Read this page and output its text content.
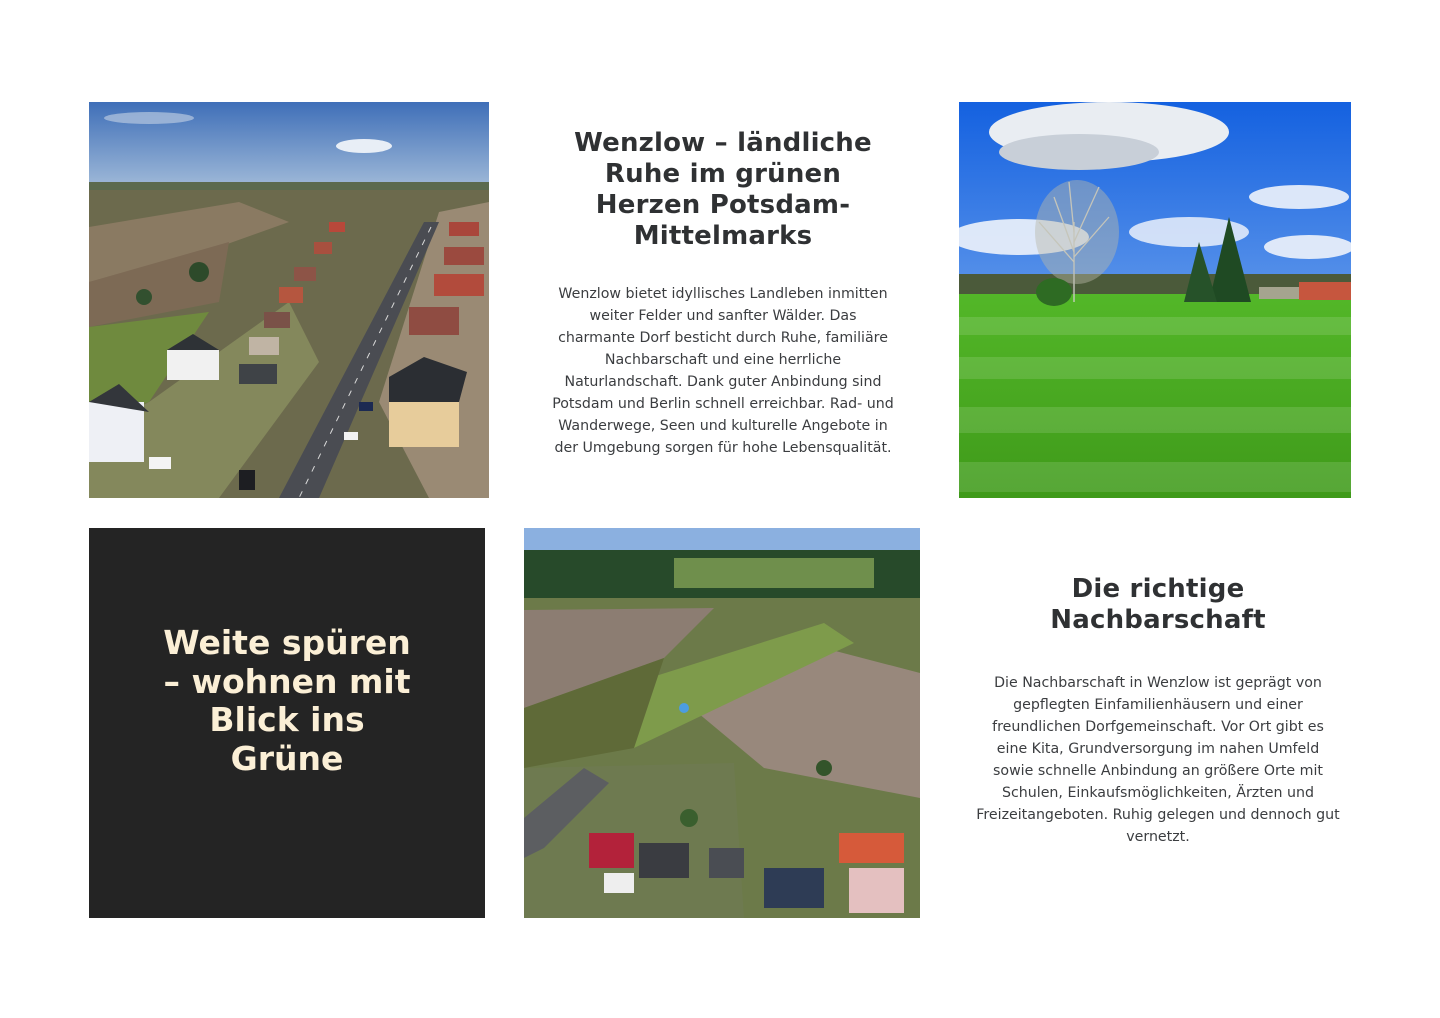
Wenzlow – ländliche Ruhe im grünen Herzen Potsdam-Mittelmarks

Wenzlow bietet idyllisches Landleben inmitten weiter Felder und sanfter Wälder. Das charmante Dorf besticht durch Ruhe, familiäre Nachbarschaft und eine herrliche Naturlandschaft. Dank guter Anbindung sind Potsdam und Berlin schnell erreichbar. Rad- und Wanderwege, Seen und kulturelle Angebote in der Umgebung sorgen für hohe Lebensqualität.

Weite spüren – wohnen mit Blick ins Grüne
Die richtige Nachbarschaft

Die Nachbarschaft in Wenzlow ist geprägt von gepflegten Einfamilienhäusern und einer freundlichen Dorfgemeinschaft. Vor Ort gibt es eine Kita, Grundversorgung im nahen Umfeld sowie schnelle Anbindung an größere Orte mit Schulen, Einkaufsmöglichkeiten, Ärzten und Freizeitangeboten. Ruhig gelegen und dennoch gut vernetzt.
